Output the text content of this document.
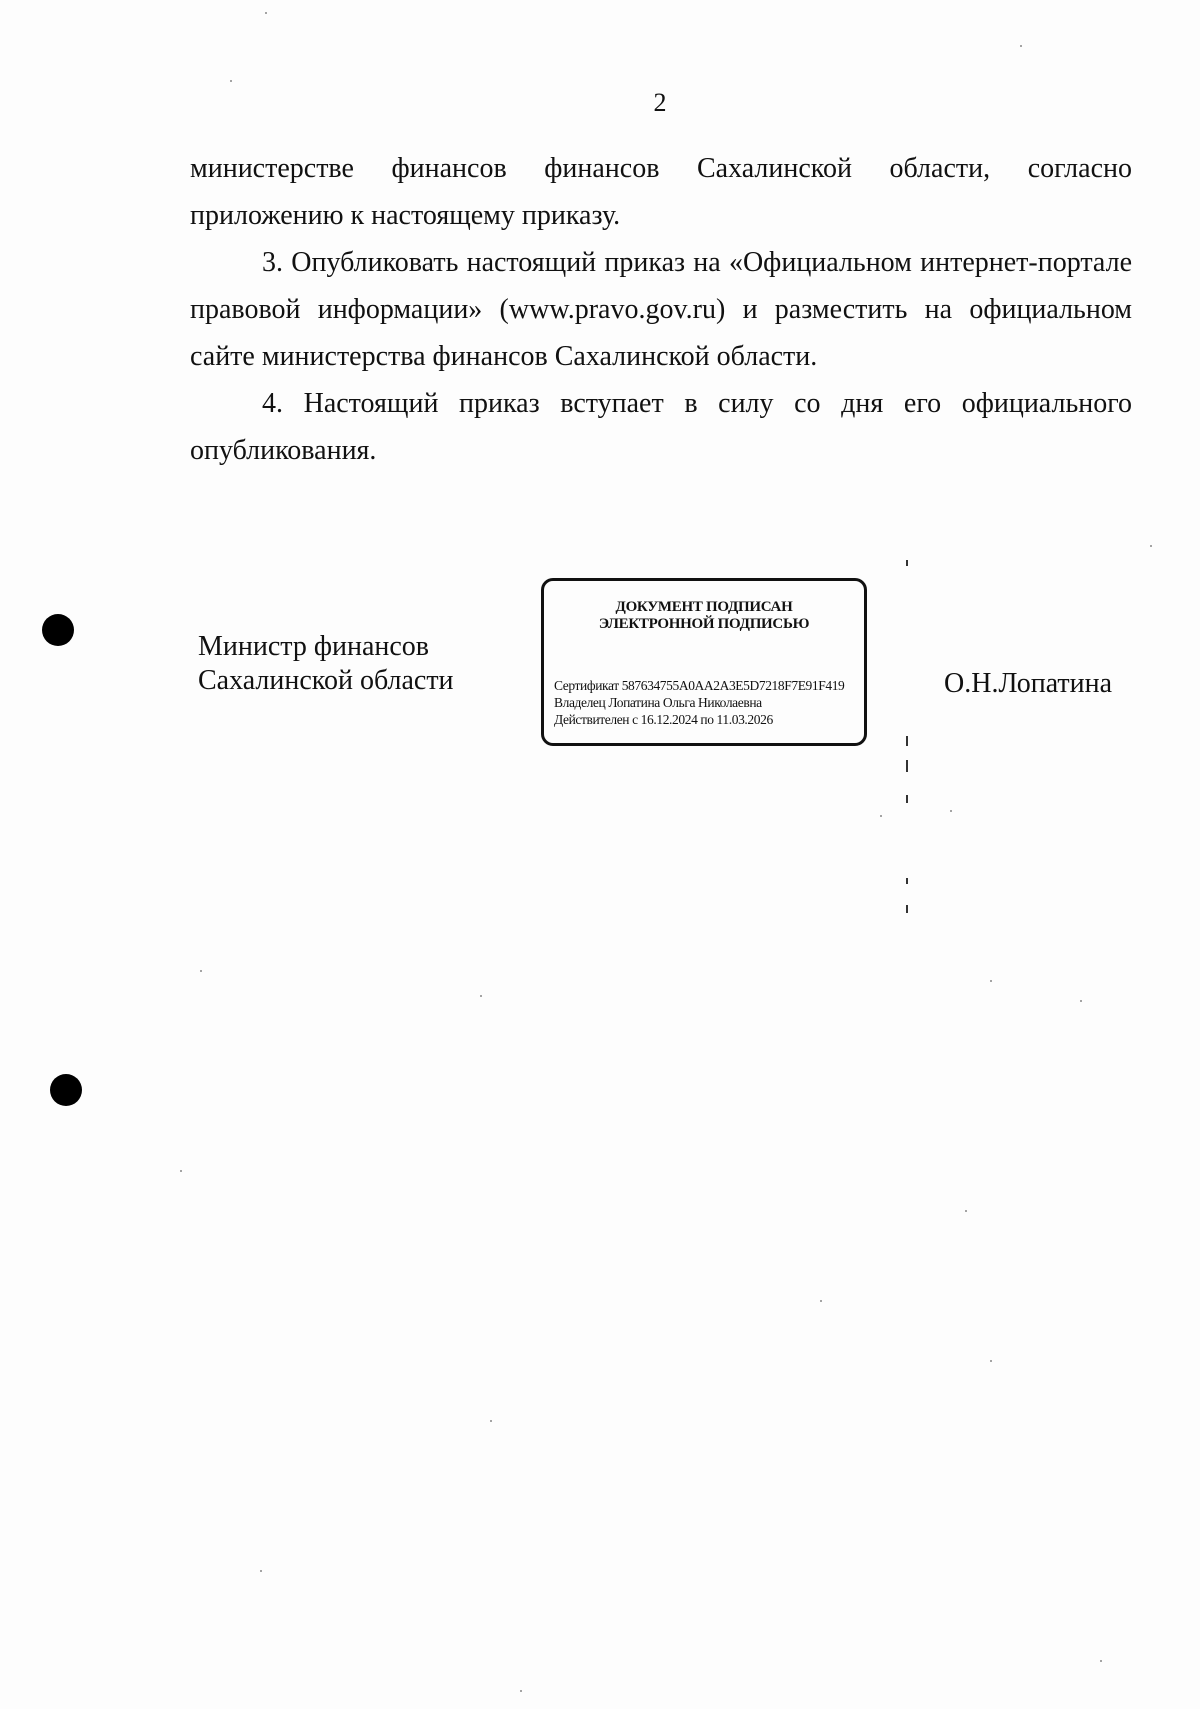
2

министерстве финансов финансов Сахалинской области, согласно приложению к настоящему приказу.

3. Опубликовать настоящий приказ на «Официальном интернет-портале правовой информации» (www.pravo.gov.ru) и разместить на официальном сайте министерства финансов Сахалинской области.

4. Настоящий приказ вступает в силу со дня его официального опубликования.

Министр финансов
Сахалинской области
ДОКУМЕНТ ПОДПИСАН
ЭЛЕКТРОННОЙ ПОДПИСЬЮ
Сертификат 587634755A0AA2A3E5D7218F7E91F419
Владелец Лопатина Ольга Николаевна
Действителен с 16.12.2024 по 11.03.2026
О.Н.Лопатина
